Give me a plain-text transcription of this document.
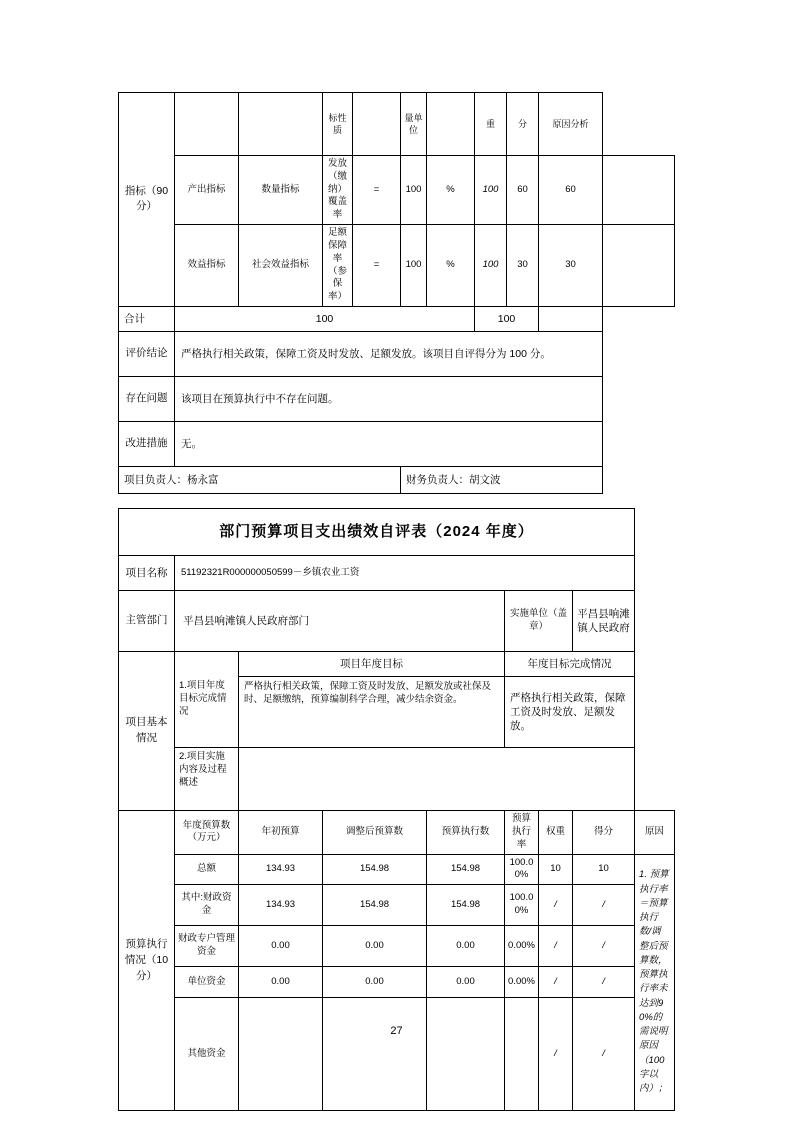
指标（90分）			标性质		量单位		重	分	原因分析	
	产出指标	数量指标	发放（缴纳）覆盖率	=	100	%	100	60	60	
	效益指标	社会效益指标	足额保障率（参保率）	=	100	%	100	30	30	
合计	100						100			
评价结论	严格执行相关政策，保障工资及时发放、足额发放。该项目自评得分为 100 分。									
存在问题	该项目在预算执行中不存在问题。									
改进措施	无。									
项目负责人：杨永富					财务负责人：胡文波					
部门预算项目支出绩效自评表（2024 年度）								
项目名称	51192321R000000050599－乡镇农业工资							
主管部门	平昌县响滩镇人民政府部门				实施单位（盖章）		平昌县响滩镇人民政府	
项目基本情况	1.项目年度目标完成情况	项目年度目标			年度目标完成情况			
		严格执行相关政策，保障工资及时发放、足额发放或社保及时、足额缴纳，预算编制科学合理，减少结余资金。			严格执行相关政策，保障工资及时发放、足额发放。			
	2.项目实施内容及过程概述							
预算执行情况（10分）	年度预算数（万元）	年初预算	调整后预算数	预算执行数	预算执行率	权重	得分	原因
	总额	134.93	154.98	154.98	100.00%	10	10	1. 预算执行率＝预算执行数/调整后预算数，预算执行率未达到90%的需说明原因（100字以内）；
	其中:财政资金	134.93	154.98	154.98	100.00%	/	/	
	财政专户管理资金	0.00	0.00	0.00	0.00%	/	/	
	单位资金	0.00	0.00	0.00	0.00%	/	/	
	其他资金					/	/	
27
